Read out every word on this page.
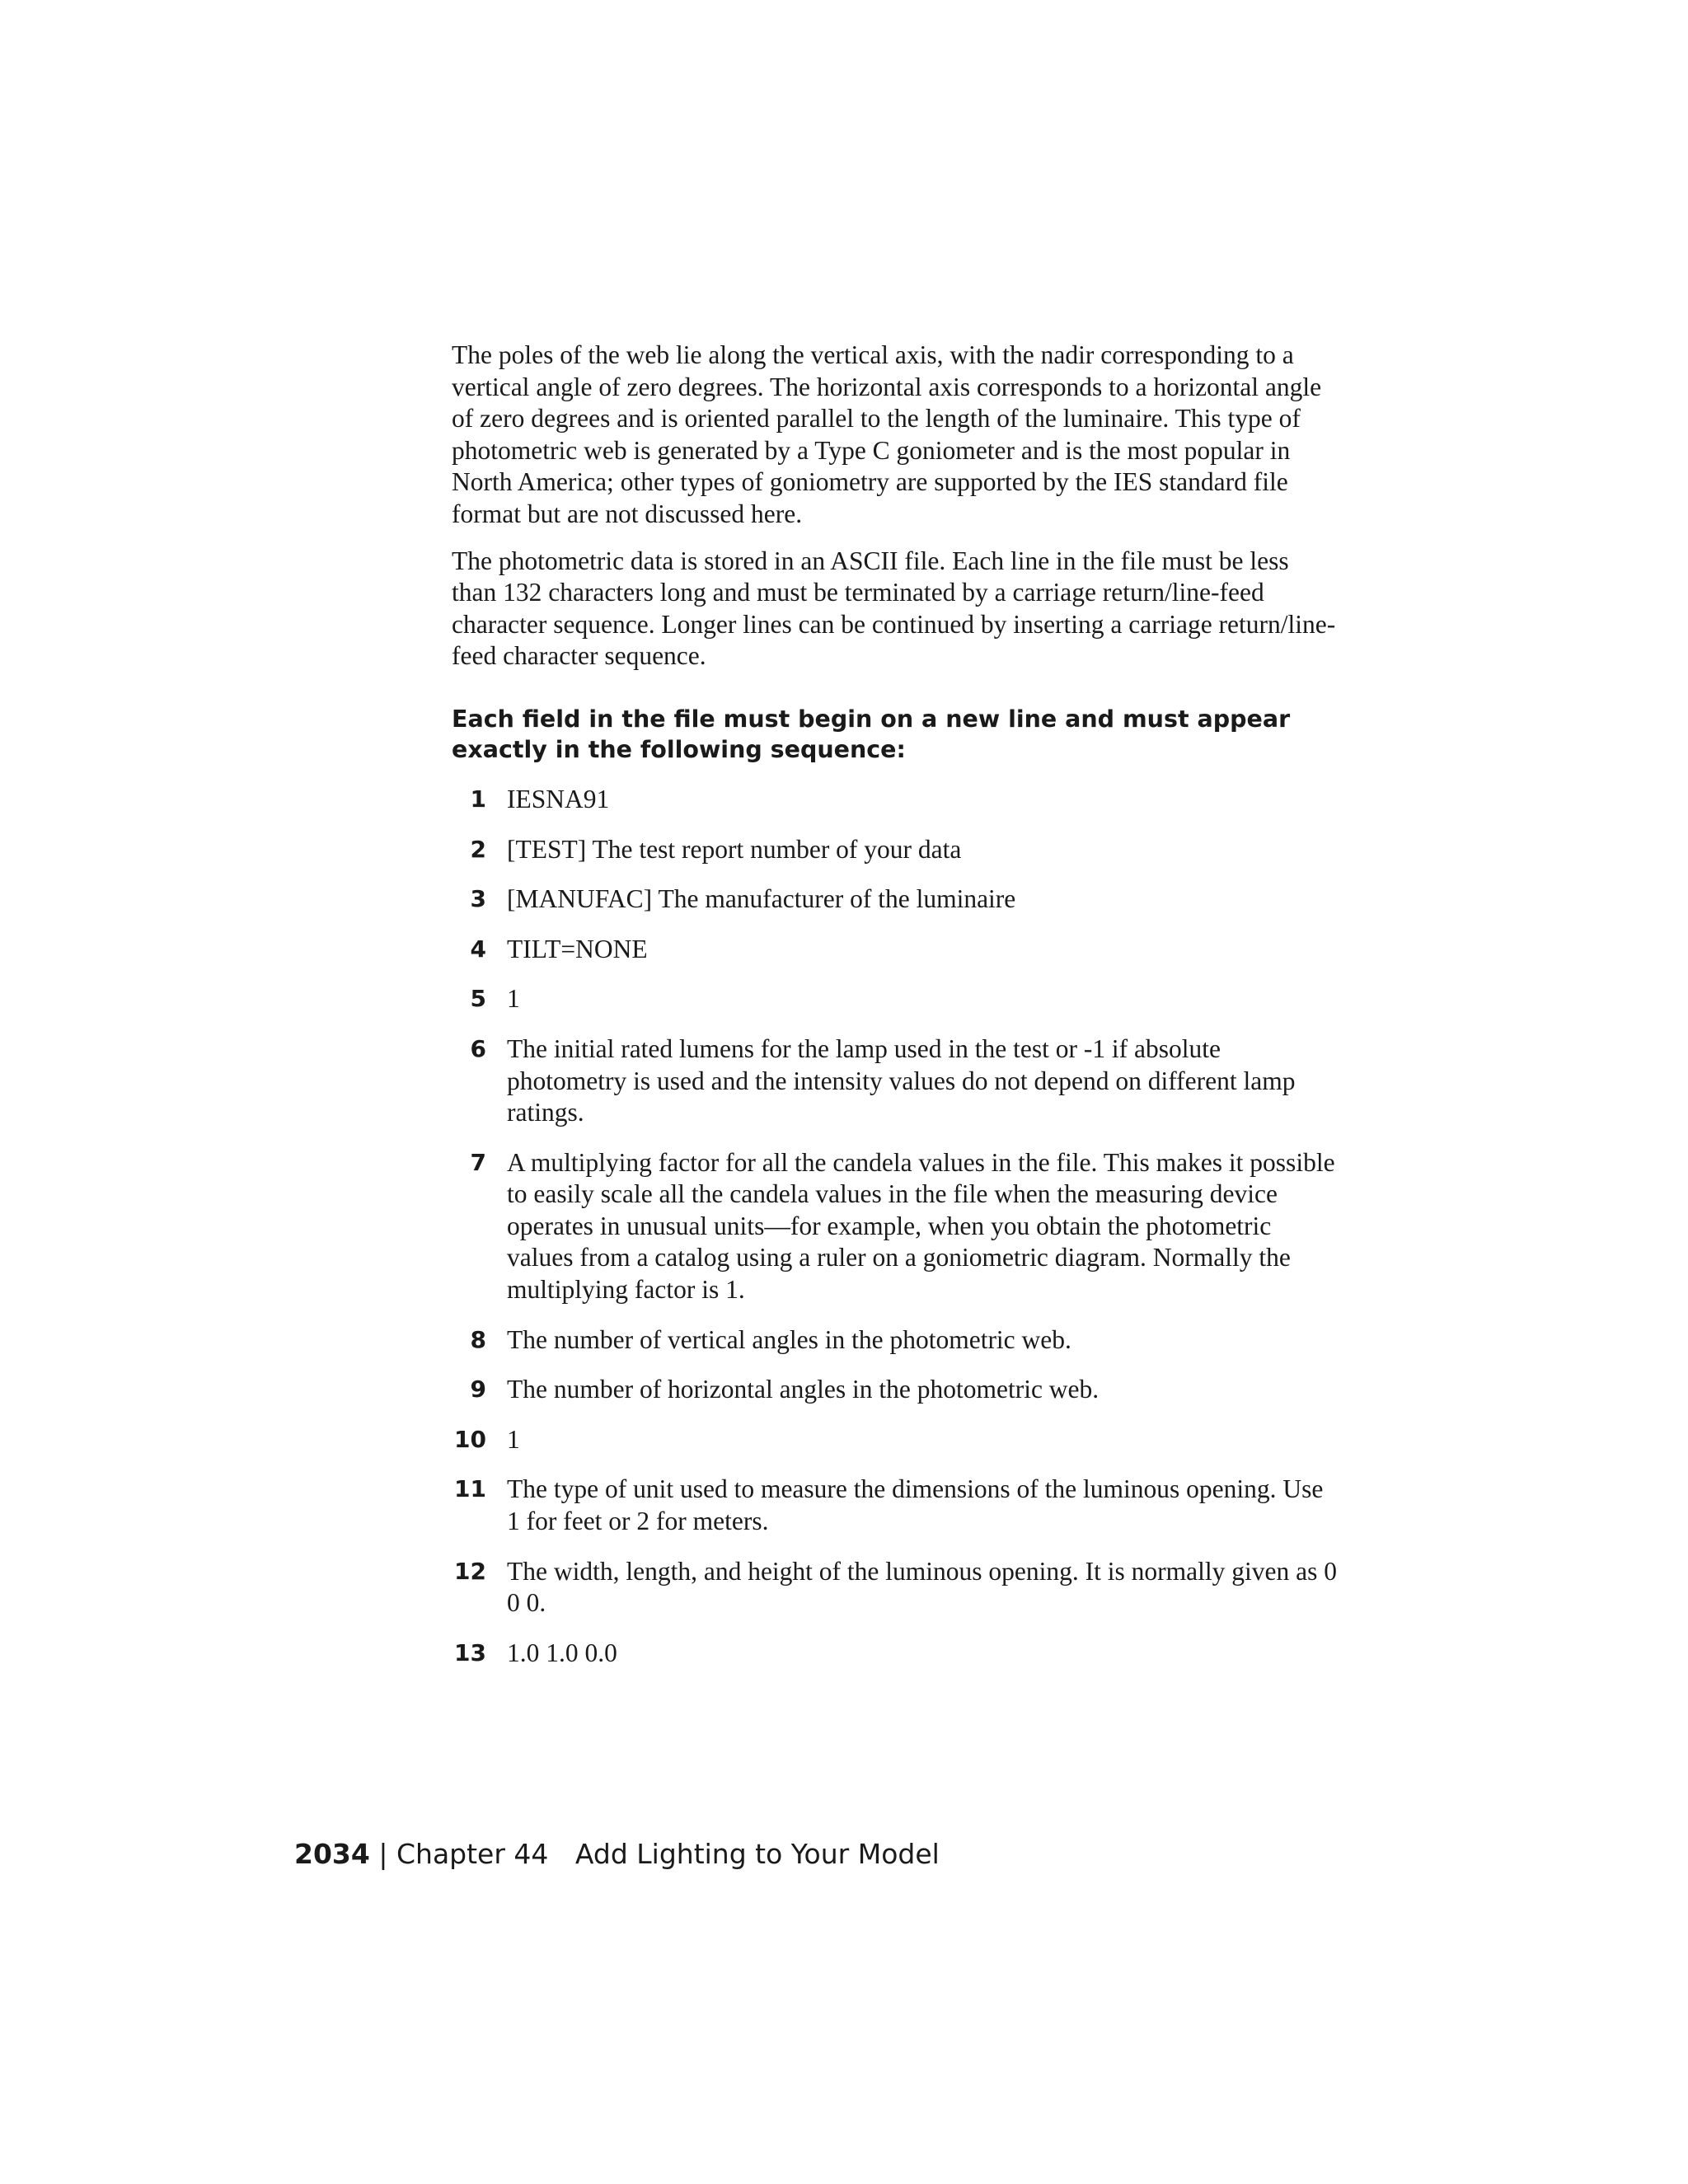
The poles of the web lie along the vertical axis, with the nadir corresponding to a vertical angle of zero degrees. The horizontal axis corresponds to a horizontal angle of zero degrees and is oriented parallel to the length of the luminaire. This type of photometric web is generated by a Type C goniometer and is the most popular in North America; other types of goniometry are supported by the IES standard file format but are not discussed here.

The photometric data is stored in an ASCII file. Each line in the file must be less than 132 characters long and must be terminated by a carriage return/line-feed character sequence. Longer lines can be continued by inserting a carriage return/line-feed character sequence.

Each field in the file must begin on a new line and must appear exactly in the following sequence:

1 IESNA91
2 [TEST] The test report number of your data
3 [MANUFAC] The manufacturer of the luminaire
4 TILT=NONE
5 1
6 The initial rated lumens for the lamp used in the test or -1 if absolute photometry is used and the intensity values do not depend on different lamp ratings.
7 A multiplying factor for all the candela values in the file. This makes it possible to easily scale all the candela values in the file when the measuring device operates in unusual units—for example, when you obtain the photometric values from a catalog using a ruler on a goniometric diagram. Normally the multiplying factor is 1.
8 The number of vertical angles in the photometric web.
9 The number of horizontal angles in the photometric web.
10 1
11 The type of unit used to measure the dimensions of the luminous opening. Use 1 for feet or 2 for meters.
12 The width, length, and height of the luminous opening. It is normally given as 0 0 0.
13 1.0 1.0 0.0
2034 | Chapter 44 Add Lighting to Your Model
